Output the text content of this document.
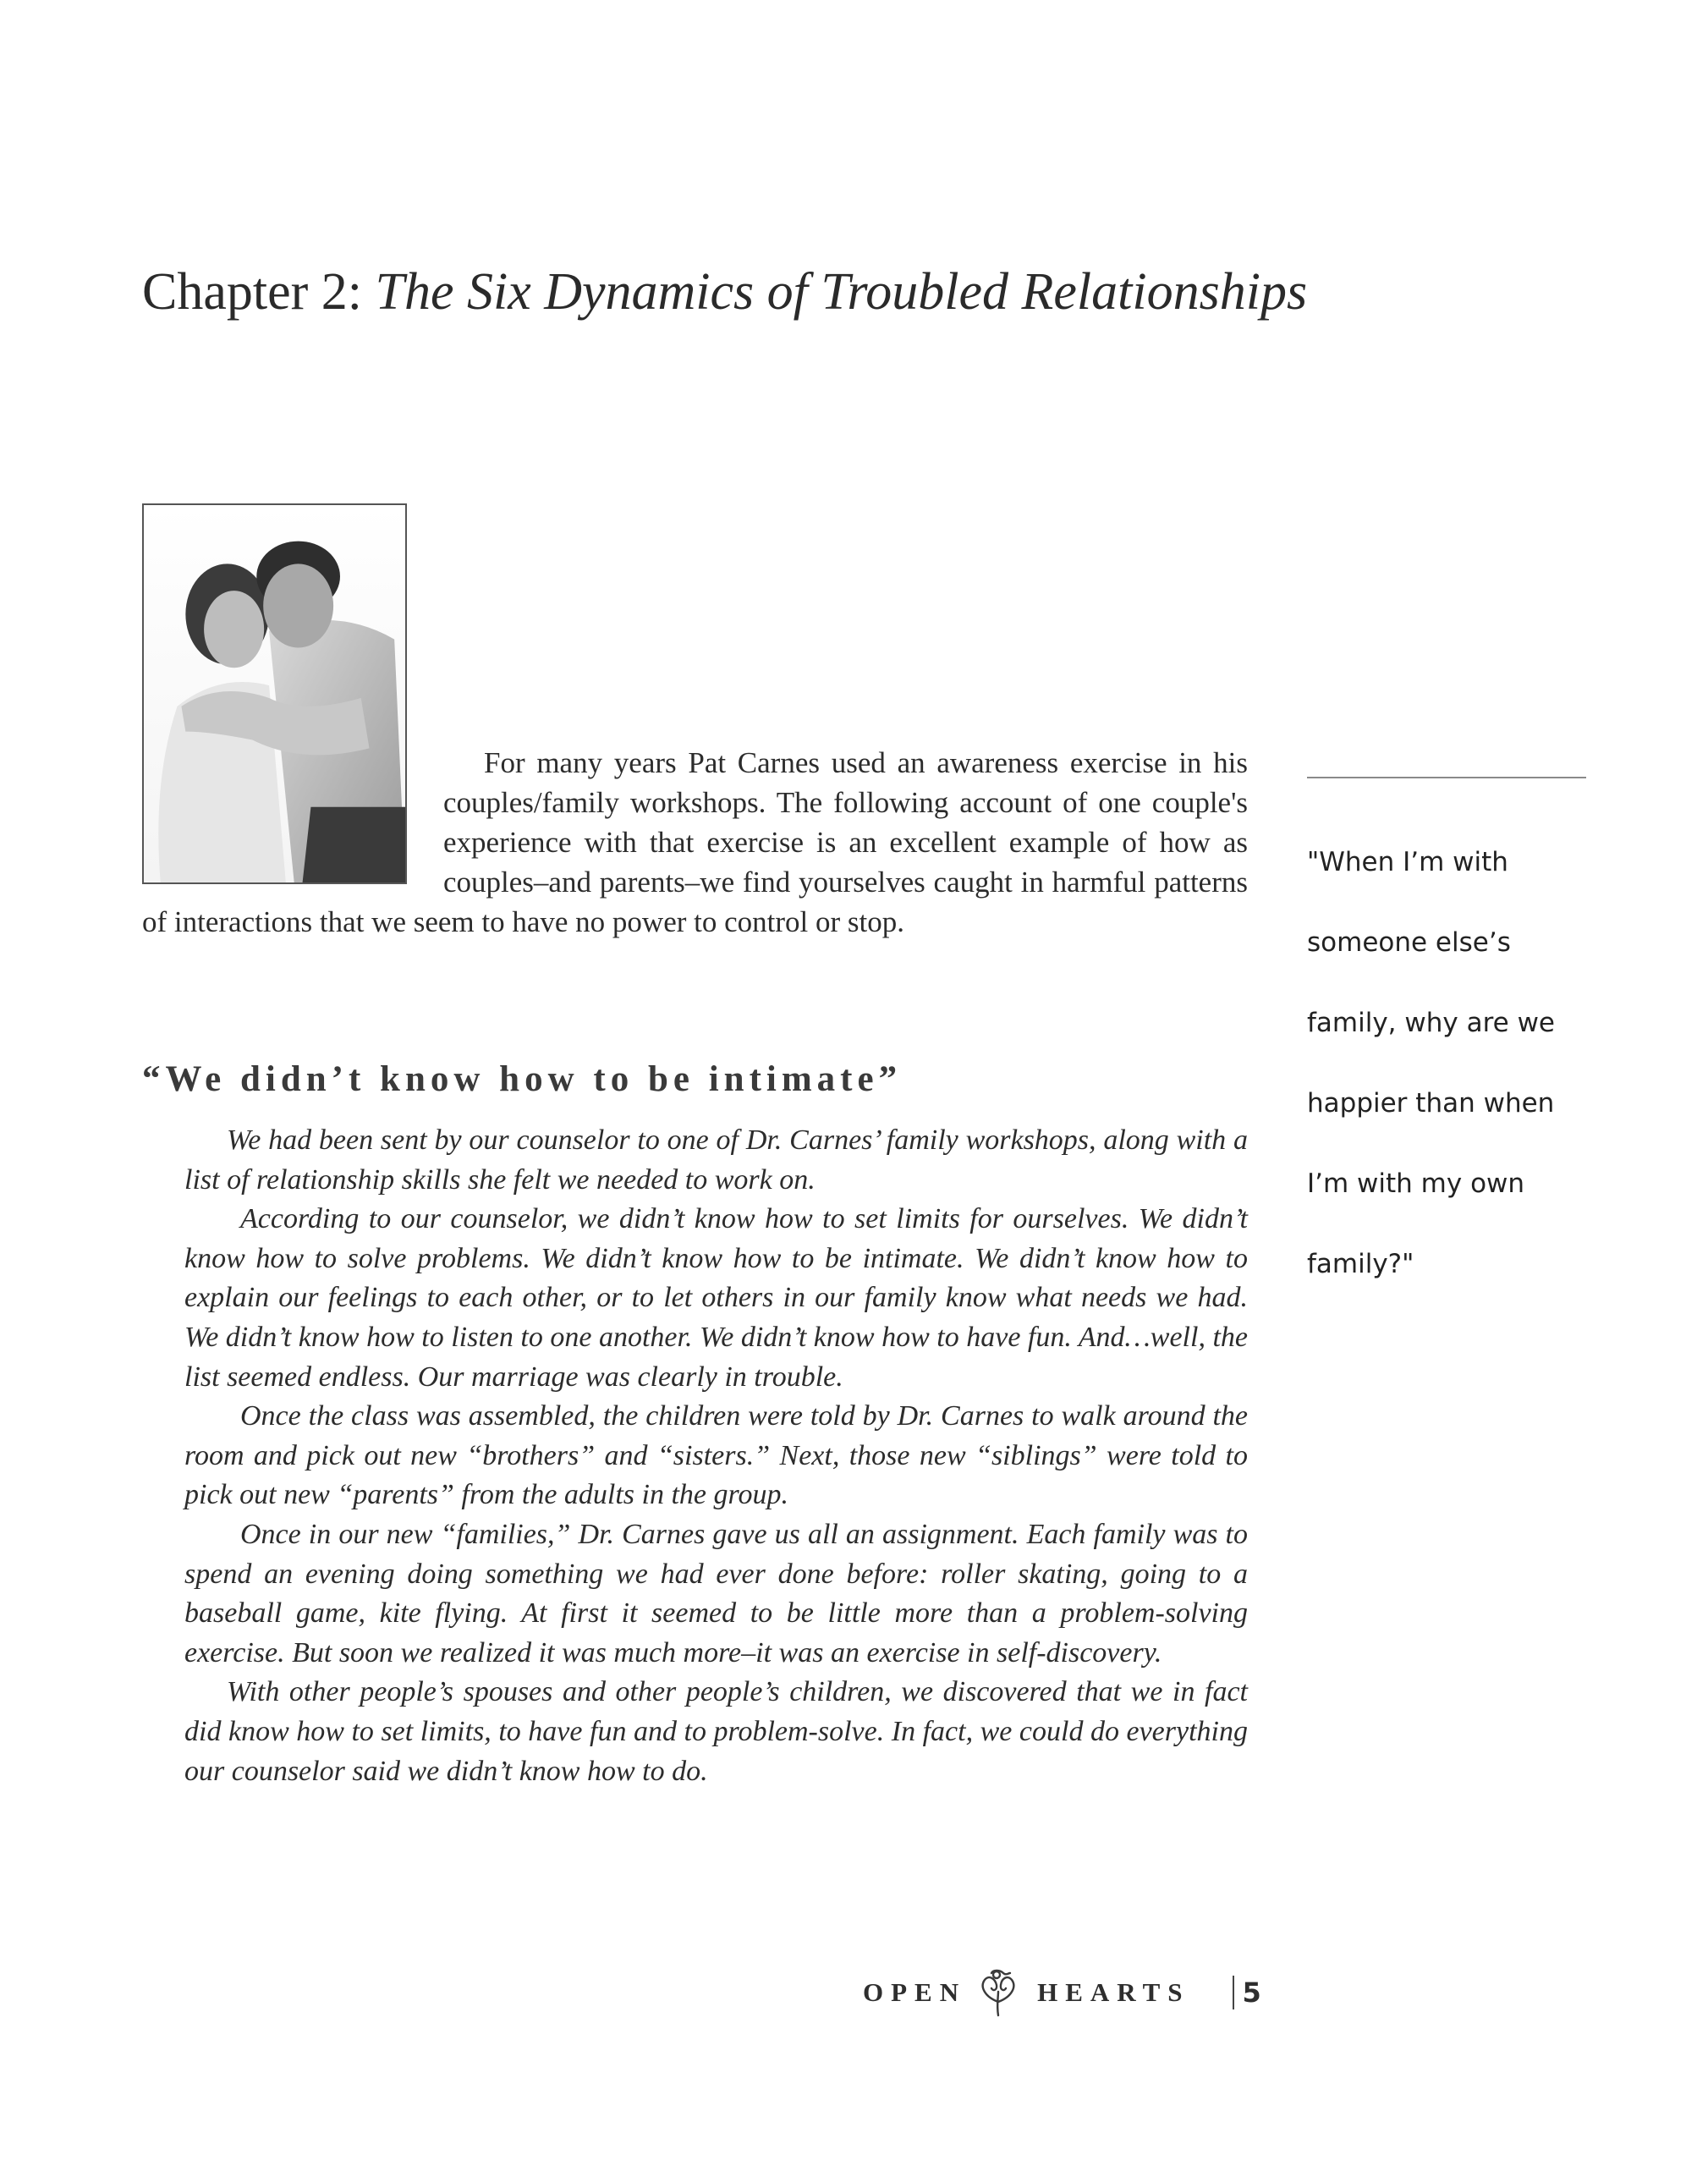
Chapter 2: The Six Dynamics of Troubled Relationships
For many years Pat Carnes used an awareness exercise in his couples/family workshops. The following account of one couple's experience with that exercise is an excellent example of how as couples–and parents–we find yourselves caught in harmful patterns of interactions that we seem to have no power to control or stop.
“We didn’t know how to be intimate”

We had been sent by our counselor to one of Dr. Carnes’ family workshops, along with a list of relationship skills she felt we needed to work on.

According to our counselor, we didn’t know how to set limits for ourselves. We didn’t know how to solve problems. We didn’t know how to be intimate. We didn’t know how to explain our feelings to each other, or to let others in our family know what needs we had. We didn’t know how to listen to one another. We didn’t know how to have fun. And…well, the list seemed endless. Our marriage was clearly in trouble.

Once the class was assembled, the children were told by Dr. Carnes to walk around the room and pick out new “brothers” and “sisters.” Next, those new “siblings” were told to pick out new “parents” from the adults in the group.

Once in our new “families,” Dr. Carnes gave us all an assignment. Each family was to spend an evening doing something we had ever done before: roller skating, going to a baseball game, kite flying. At first it seemed to be little more than a problem-solving exercise. But soon we realized it was much more–it was an exercise in self-discovery.

With other people’s spouses and other people’s children, we discovered that we in fact did know how to set limits, to have fun and to problem-solve. In fact, we could do everything our counselor said we didn’t know how to do.

"When I’m with
someone else’s
family, why are we
happier than when
I’m with my own
family?"
OPEN	HEARTS 5
